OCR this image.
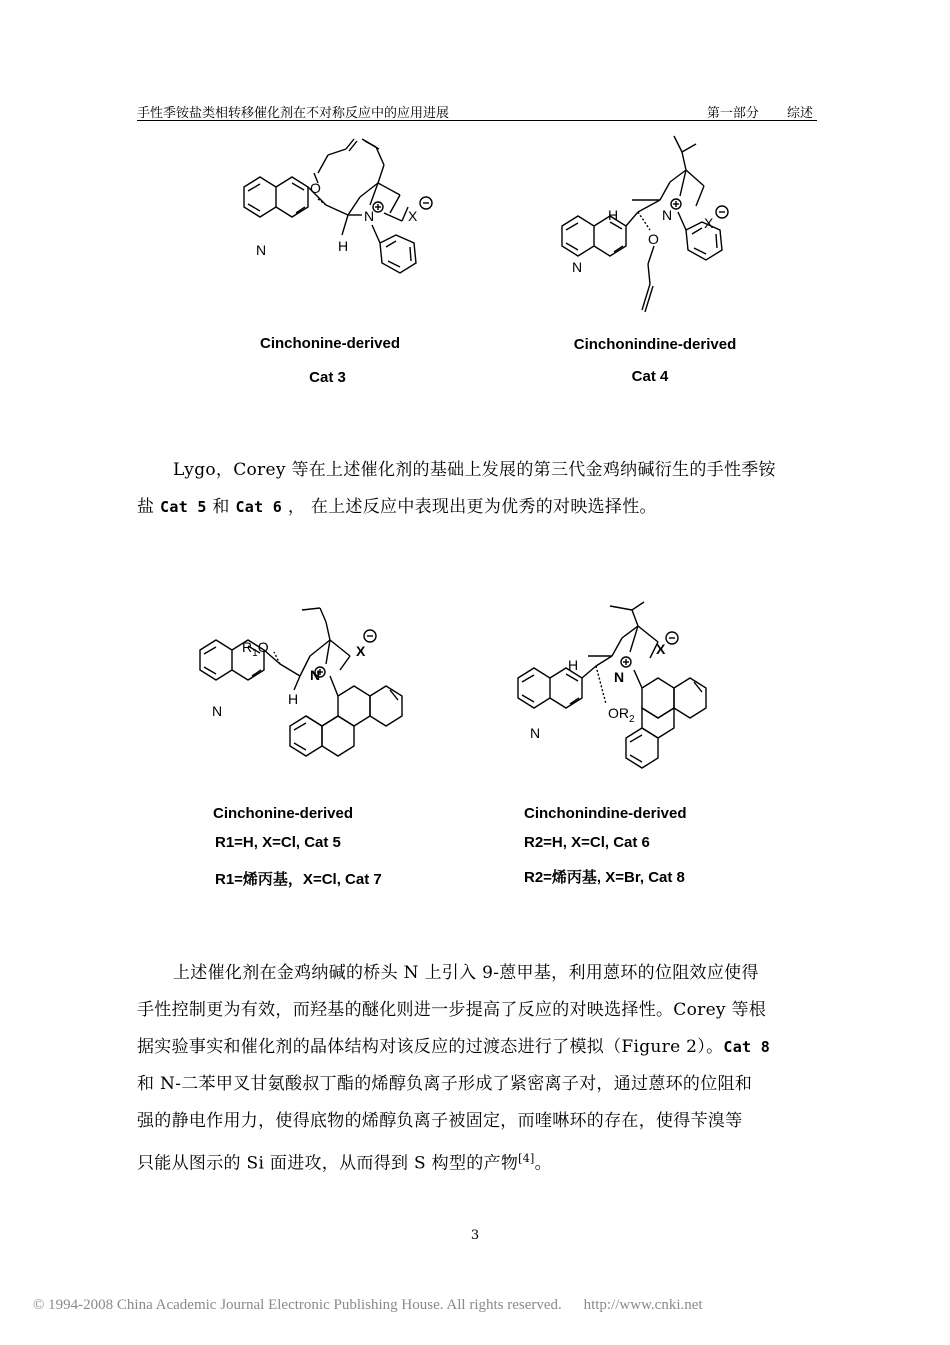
手性季铵盐类相转移催化剂在不对称反应中的应用进展	第一部分 综述
N
O
H
N X
Cinchonine-derived
Cat 3
N
H	N
O
X
Cinchonindine-derived
Cat 4

Lygo，Corey 等在上述催化剂的基础上发展的第三代金鸡纳碱衍生的手性季铵

盐 Cat 5 和 Cat 6 ， 在上述反应中表现出更为优秀的对映选择性。

N
$R_1O$
H
N
X
Cinchonine-derived
R1=H, X=Cl, Cat 5
R1=烯丙基，X=Cl, Cat 7
N
H
N
$OR_2$
X
Cinchonindine-derived
R2=H, X=Cl, Cat 6
R2=烯丙基, X=Br, Cat 8

上述催化剂在金鸡纳碱的桥头 N 上引入 9-蒽甲基，利用蒽环的位阻效应使得

手性控制更为有效，而羟基的醚化则进一步提高了反应的对映选择性。Corey 等根

据实验事实和催化剂的晶体结构对该反应的过渡态进行了模拟（Figure 2）。Cat 8

和 N-二苯甲叉甘氨酸叔丁酯的烯醇负离子形成了紧密离子对，通过蒽环的位阻和

强的静电作用力，使得底物的烯醇负离子被固定，而喹啉环的存在，使得苄溴等

只能从图示的 Si 面进攻，从而得到 S 构型的产物[4]。

3
© 1994-2008 China Academic Journal Electronic Publishing House. All rights reserved. http://www.cnki.net
